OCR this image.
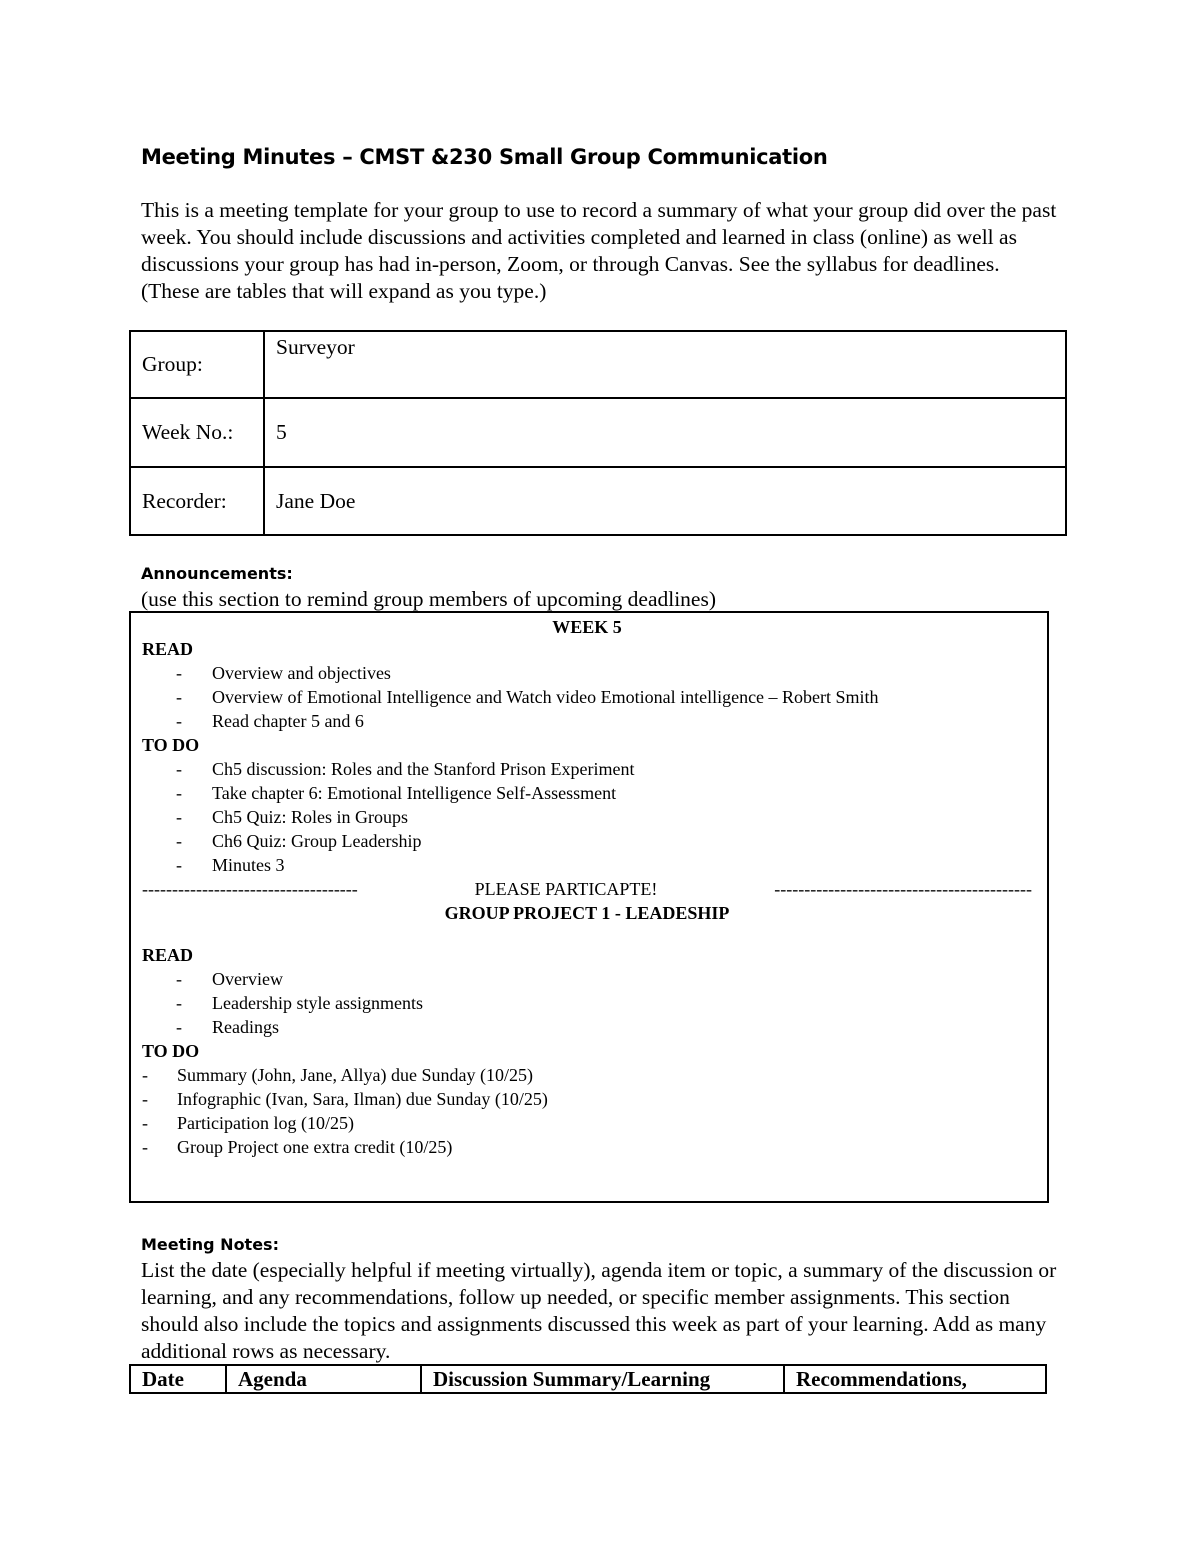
Meeting Minutes – CMST &230 Small Group Communication
This is a meeting template for your group to use to record a summary of what your group did over the past week. You should include discussions and activities completed and learned in class (online) as well as discussions your group has had in-person, Zoom, or through Canvas. See the syllabus for deadlines. (These are tables that will expand as you type.)
Group:	Surveyor
Week No.:	5
Recorder:	Jane Doe
Announcements:
(use this section to remind group members of upcoming deadlines)
WEEK 5
READ
-	Overview and objectives
-	Overview of Emotional Intelligence and Watch video Emotional intelligence – Robert Smith
-	Read chapter 5 and 6
TO DO
-	Ch5 discussion: Roles and the Stanford Prison Experiment
-	Take chapter 6: Emotional Intelligence Self-Assessment
-	Ch5 Quiz: Roles in Groups
-	Ch6 Quiz: Group Leadership
-	Minutes 3
------------------------------------	PLEASE PARTICAPTE!	-------------------------------------------
GROUP PROJECT 1 - LEADESHIP
READ
-	Overview
-	Leadership style assignments
-	Readings
TO DO
-	Summary (John, Jane, Allya) due Sunday (10/25)
-	Infographic (Ivan, Sara, Ilman) due Sunday (10/25)
-	Participation log (10/25)
-	Group Project one extra credit (10/25)
Meeting Notes:
List the date (especially helpful if meeting virtually), agenda item or topic, a summary of the discussion or learning, and any recommendations, follow up needed, or specific member assignments. This section should also include the topics and assignments discussed this week as part of your learning. Add as many additional rows as necessary.
Date	Agenda	Discussion Summary/Learning	Recommendations,
